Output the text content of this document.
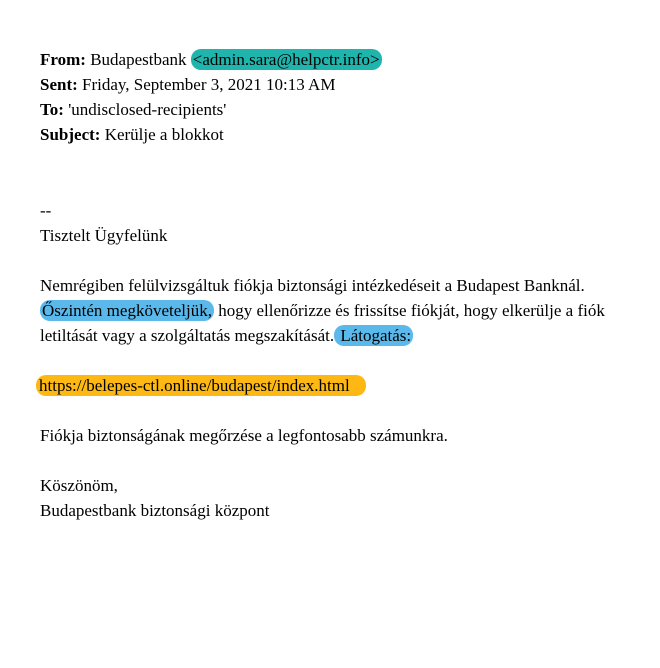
From: Budapestbank <admin.sara@helpctr.info>
Sent: Friday, September 3, 2021 10:13 AM
To: 'undisclosed-recipients'
Subject: Kerülje a blokkot
--
Tisztelt Ügyfelünk
Nemrégiben felülvizsgáltuk fiókja biztonsági intézkedéseit a Budapest Banknál.
Őszintén megköveteljük, hogy ellenőrizze és frissítse fiókját, hogy elkerülje a fiók
letiltását vagy a szolgáltatás megszakítását. Látogatás:
https://belepes-ctl.online/budapest/index.html
Fiókja biztonságának megőrzése a legfontosabb számunkra.
Köszönöm,
Budapestbank biztonsági központ
